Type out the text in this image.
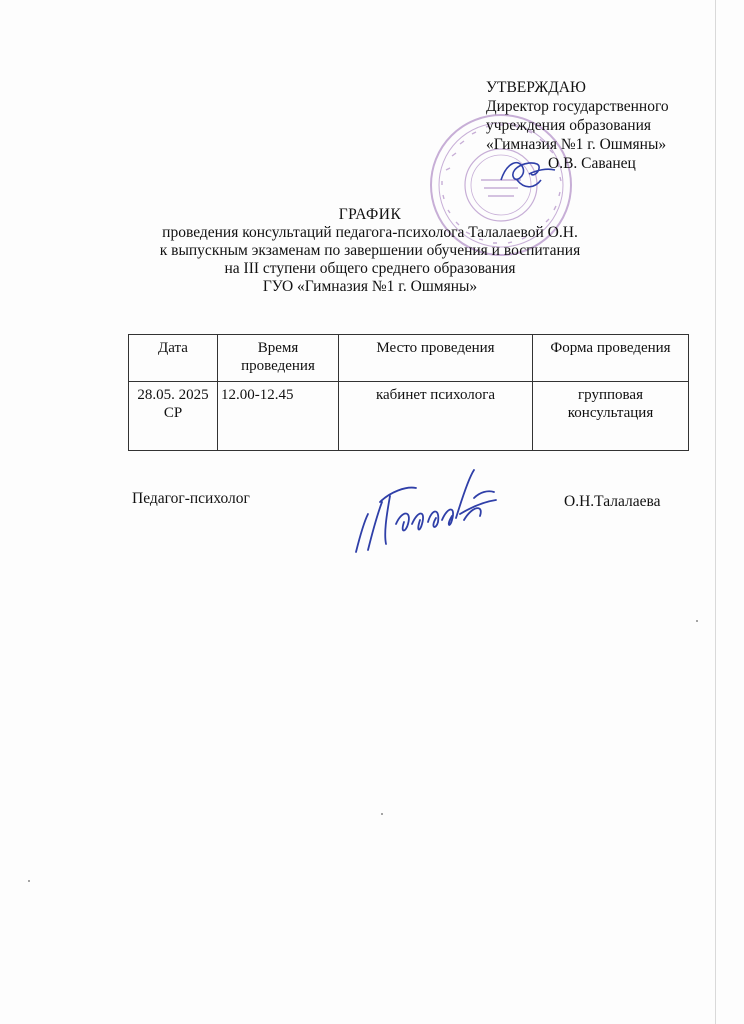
УТВЕРЖДАЮ
Директор государственного
учреждения образования
«Гимназия №1 г. Ошмяны»
О.В. Саванец
ГРАФИК
проведения консультаций педагога-психолога Талалаевой О.Н.
к выпускным экзаменам по завершении обучения и воспитания
на III ступени общего среднего образования
ГУО «Гимназия №1 г. Ошмяны»
Дата	Время проведения	Место проведения	Форма проведения
28.05. 2025 СР	12.00-12.45	кабинет психолога	групповая консультация
Педагог-психолог	О.Н.Талалаева
